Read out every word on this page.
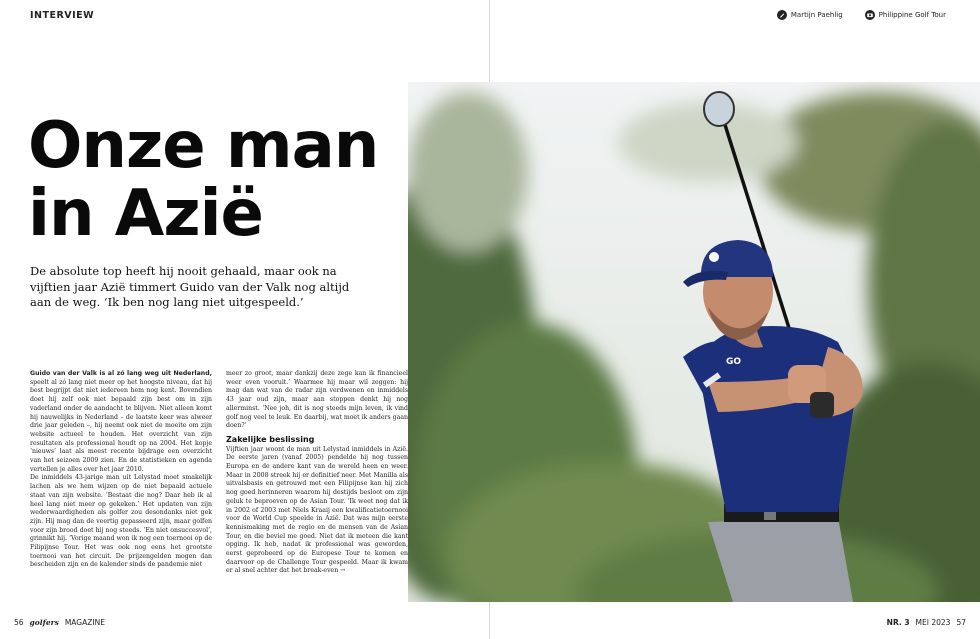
INTERVIEW	Martijn Paehlig	Philippine Golf Tour
Onze man
in Azië
De absolute top heeft hij nooit gehaald, maar ook na vijftien jaar Azië timmert Guido van der Valk nog altijd aan de weg. ‘Ik ben nog lang niet uitgespeeld.’

Guido van der Valk is al zó lang weg uit Nederland, speelt al zó lang niet meer op het hoogste niveau, dat hij best begrijpt dat niet iedereen hem nog kent. Bovendien doet hij zelf ook niet bepaald zijn best om in zijn vaderland onder de aandacht te blijven. Niet alleen komt hij nauwelijks in Nederland – de laatste keer was alweer drie jaar geleden –, hij neemt ook niet de moeite om zijn website actueel te houden. Het overzicht van zijn resultaten als professional houdt op na 2004. Het kopje ‘nieuws’ laat als meest recente bijdrage een overzicht van het seizoen 2009 zien. En de statistieken en agenda vertellen je alles over het jaar 2010.

De inmiddels 43-jarige man uit Lelystad moet smakelijk lachen als we hem wijzen op de niet bepaald actuele staat van zijn website. ‘Bestaat die nog? Daar heb ik al heel lang niet meer op gekeken.’ Het updaten van zijn wederwaardigheden als golfer zou desondanks niet gek zijn. Hij mag dan de veertig gepasseerd zijn, maar golfen voor zijn brood doet hij nog steeds. ‘En niet onsuccesvol’, grinnikt hij. ‘Vorige maand won ik nog een toernooi op de Filipijnse Tour. Het was ook nog eens het grootste toernooi van het circuit. De prijzengelden mogen dan bescheiden zijn en de kalender sinds de pandemie niet

meer zo groot, maar dankzij deze zege kan ik financieel weer even vooruit.’ Waarmee hij maar wil zeggen: hij mag dan wat van de radar zijn verdwenen en inmiddels 43 jaar oud zijn, maar aan stoppen denkt hij nog allerminst. ‘Nee joh, dit is nog steeds mijn leven, ik vind golf nog veel te leuk. En daarbij, wat moet ik anders gaan doen?’

Zakelijke beslissing

Vijftien jaar woont de man uit Lelystad inmiddels in Azië. De eerste jaren (vanaf 2005) pendelde hij nog tussen Europa en de andere kant van de wereld heen en weer. Maar in 2008 streek hij er definitief neer. Met Manilla als uitvalsbasis en getrouwd met een Filipijnse kan hij zich nog goed herinneren waarom hij destijds besloot om zijn geluk te beproeven op de Asian Tour. ‘Ik weet nog dat ik in 2002 of 2003 met Niels Kraaij een kwalificatietoernooi voor de World Cup speelde in Azië. Dat was mijn eerste kennismaking met de regio en de mensen van de Asian Tour, en die beviel me goed. Niet dat ik meteen die kant opging. Ik heb, nadat ik professional was geworden, eerst geprobeerd op de Europese Tour te komen en daarvoor op de Challenge Tour gespeeld. Maar ik kwam er al snel achter dat het break-even →

GO
56 golfers MAGAZINE	NR. 3 MEI 2023 57
